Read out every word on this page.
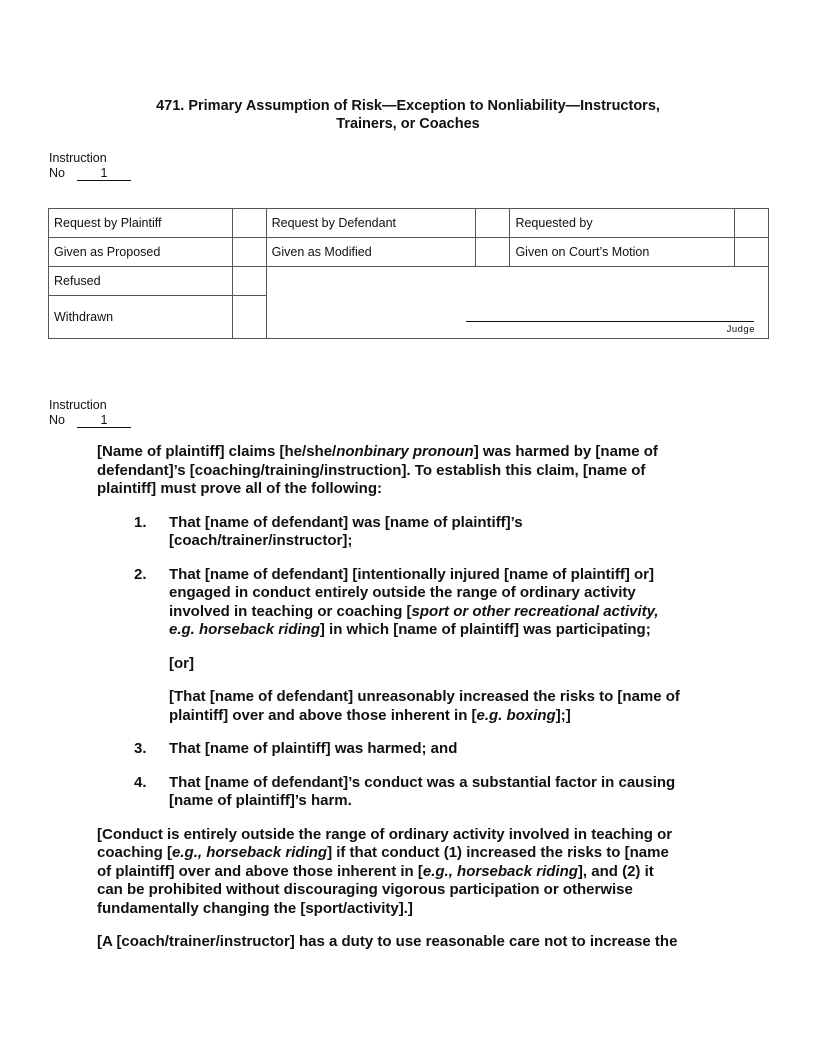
471. Primary Assumption of Risk—Exception to Nonliability—Instructors,
Trainers, or Coaches
Instruction
No	1
Request by Plaintiff		Request by Defendant		Requested by	
Given as Proposed		Given as Modified		Given on Court’s Motion	
Refused		Judge			

Withdrawn					
Instruction
No	1
[Name of plaintiff] claims [he/she/nonbinary pronoun] was harmed by [name of
defendant]’s [coaching/training/instruction]. To establish this claim, [name of
plaintiff] must prove all of the following:
1. That [name of defendant] was [name of plaintiff]’s
[coach/trainer/instructor];
2. That [name of defendant] [intentionally injured [name of plaintiff] or]
engaged in conduct entirely outside the range of ordinary activity
involved in teaching or coaching [sport or other recreational activity,
e.g. horseback riding] in which [name of plaintiff] was participating;
[or]
[That [name of defendant] unreasonably increased the risks to [name of
plaintiff] over and above those inherent in [e.g. boxing];]
3. That [name of plaintiff] was harmed; and
4. That [name of defendant]’s conduct was a substantial factor in causing
[name of plaintiff]’s harm.
[Conduct is entirely outside the range of ordinary activity involved in teaching or
coaching [e.g., horseback riding] if that conduct (1) increased the risks to [name
of plaintiff] over and above those inherent in [e.g., horseback riding], and (2) it
can be prohibited without discouraging vigorous participation or otherwise
fundamentally changing the [sport/activity].]
[A [coach/trainer/instructor] has a duty to use reasonable care not to increase the
